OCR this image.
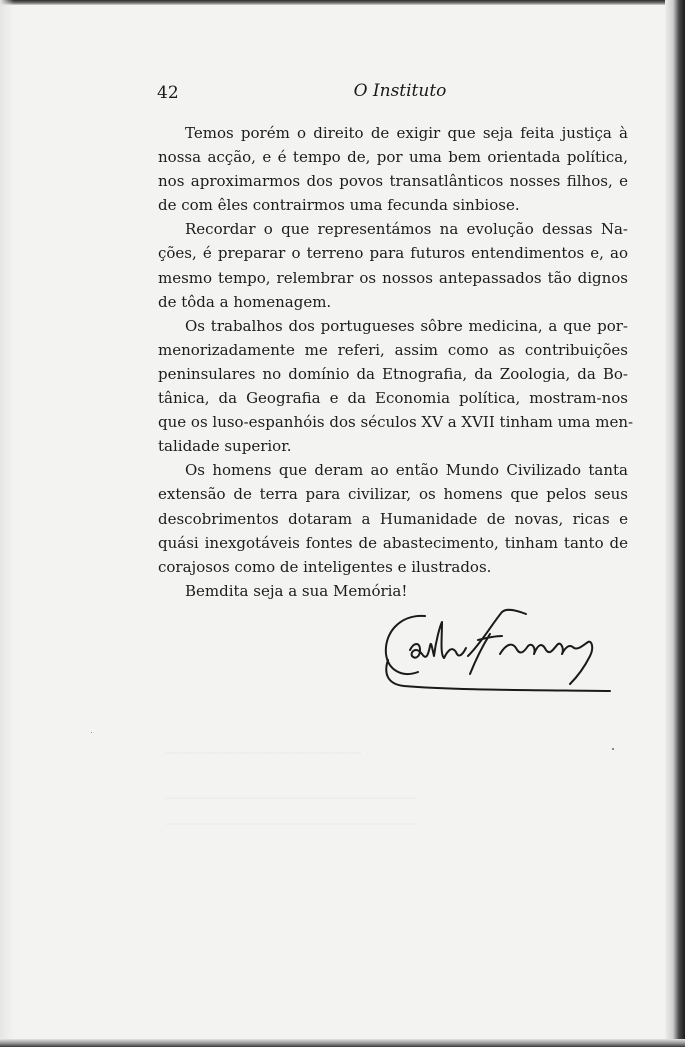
—————————————— ·
——————————————————
——————————————————
42	O Instituto
Temos porém o direito de exigir que seja feita justiça à
nossa acção, e é tempo de, por uma bem orientada política,
nos aproximarmos dos povos transatlânticos nosses filhos, e
de com êles contrairmos uma fecunda sinbiose.
Recordar o que representámos na evolução dessas Na-
ções, é preparar o terreno para futuros entendimentos e, ao
mesmo tempo, relembrar os nossos antepassados tão dignos
de tôda a homenagem.
Os trabalhos dos portugueses sôbre medicina, a que por-
menorizadamente me referi, assim como as contribuições
peninsulares no domínio da Etnografia, da Zoologia, da Bo-
tânica, da Geografia e da Economia política, mostram-nos
que os luso-espanhóis dos séculos XV a XVII tinham uma men-
talidade superior.
Os homens que deram ao então Mundo Civilizado tanta
extensão de terra para civilizar, os homens que pelos seus
descobrimentos dotaram a Humanidade de novas, ricas e
quási inexgotáveis fontes de abastecimento, tinham tanto de
corajosos como de inteligentes e ilustrados.
Bemdita seja a sua Memória!
